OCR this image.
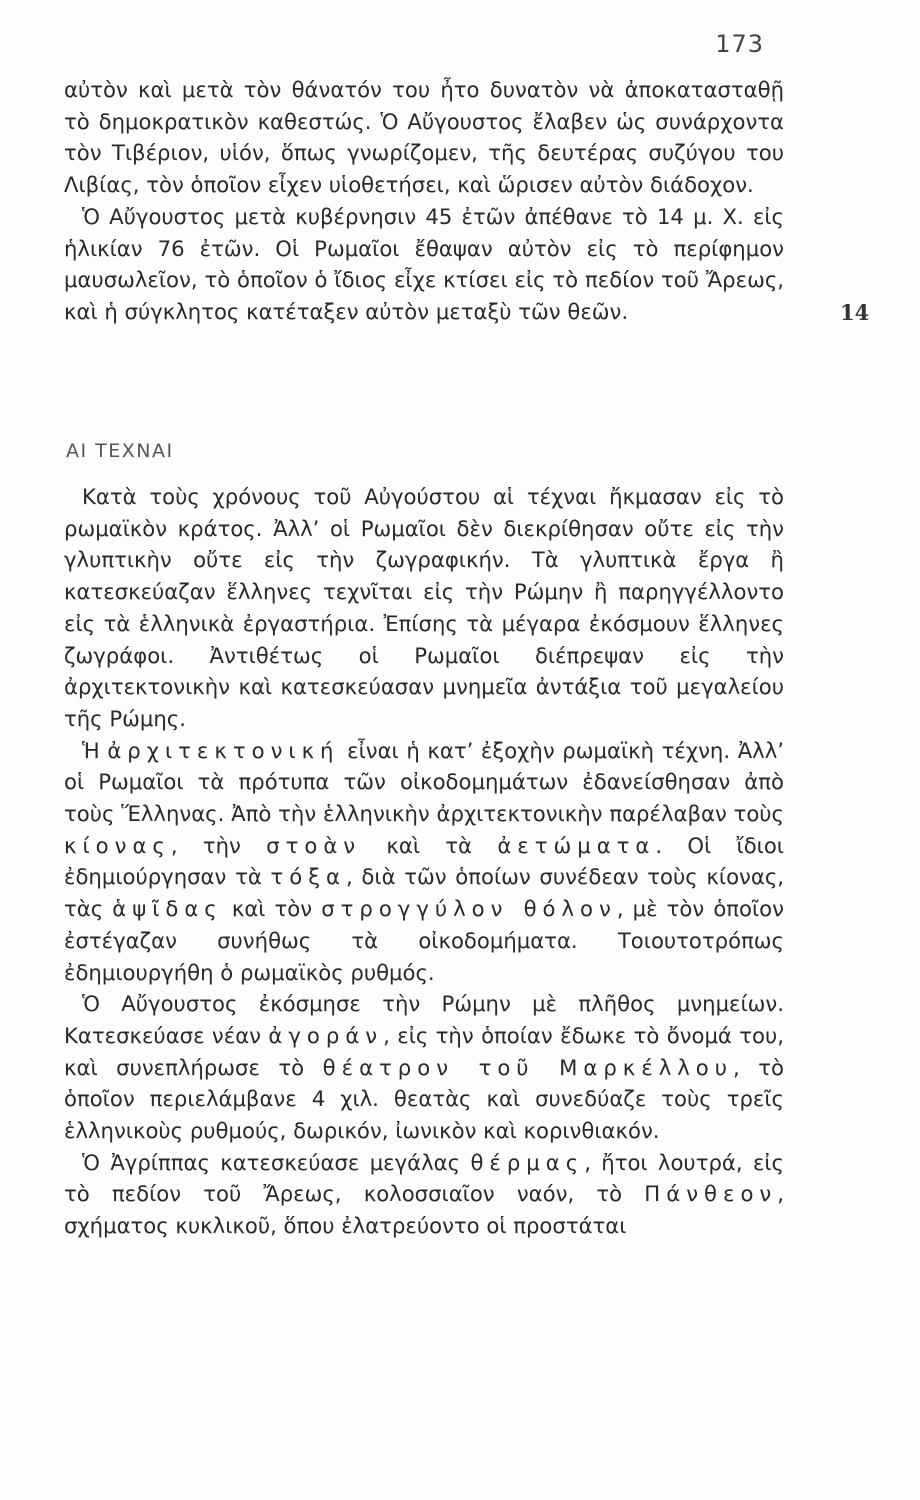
173
14

αὐτὸν καὶ μετὰ τὸν θάνατόν του ἦτο δυνατὸν νὰ ἀποκατασταθῇ τὸ δημοκρατικὸν καθεστώς. Ὁ Αὔγουστος ἔλαβεν ὡς συνάρχοντα τὸν Τιβέριον, υἱόν, ὅπως γνωρίζομεν, τῆς δευτέρας συζύγου του Λιβίας, τὸν ὁποῖον εἶχεν υἱοθετήσει, καὶ ὥρισεν αὐτὸν διάδοχον.

Ὁ Αὔγουστος μετὰ κυβέρνησιν 45 ἐτῶν ἀπέθανε τὸ 14 μ. Χ. εἰς ἡλικίαν 76 ἐτῶν. Οἱ Ρωμαῖοι ἔθαψαν αὐτὸν εἰς τὸ περίφημον μαυσωλεῖον, τὸ ὁποῖον ὁ ἴδιος εἶχε κτίσει εἰς τὸ πεδίον τοῦ Ἄρεως, καὶ ἡ σύγκλητος κατέταξεν αὐτὸν μεταξὺ τῶν θεῶν.

ΑΙ ΤΕΧΝΑΙ

Κατὰ τοὺς χρόνους τοῦ Αὐγούστου αἱ τέχναι ἤκμασαν εἰς τὸ ρωμαϊκὸν κράτος. Ἀλλ’ οἱ Ρωμαῖοι δὲν διεκρίθησαν οὔτε εἰς τὴν γλυπτικὴν οὔτε εἰς τὴν ζωγραφικήν. Τὰ γλυπτικὰ ἔργα ἢ κατεσκεύαζαν ἕλληνες τεχνῖται εἰς τὴν Ρώμην ἢ παρηγγέλλοντο εἰς τὰ ἑλληνικὰ ἐργαστήρια. Ἐπίσης τὰ μέγαρα ἐκόσμουν ἕλληνες ζωγράφοι. Ἀντιθέτως οἱ Ρωμαῖοι διέπρεψαν εἰς τὴν ἀρχιτεκτονικὴν καὶ κατεσκεύασαν μνημεῖα ἀντάξια τοῦ μεγαλείου τῆς Ρώμης.

Ἡ ἀρχιτεκτονική εἶναι ἡ κατ’ ἐξοχὴν ρωμαϊκὴ τέχνη. Ἀλλ’ οἱ Ρωμαῖοι τὰ πρότυπα τῶν οἰκοδομημάτων ἐδανείσθησαν ἀπὸ τοὺς Ἕλληνας. Ἀπὸ τὴν ἑλληνικὴν ἀρχιτεκτονικὴν παρέλαβαν τοὺς κίονας, τὴν στοὰν καὶ τὰ ἀετώματα. Οἱ ἴδιοι ἐδημιούργησαν τὰ τόξα, διὰ τῶν ὁποίων συνέδεαν τοὺς κίονας, τὰς ἁψῖδας καὶ τὸν στρογγύλον θόλον, μὲ τὸν ὁποῖον ἐστέγαζαν συνήθως τὰ οἰκοδομήματα. Τοιουτοτρόπως ἐδημιουργήθη ὁ ρωμαϊκὸς ρυθμός.

Ὁ Αὔγουστος ἐκόσμησε τὴν Ρώμην μὲ πλῆθος μνημείων. Κατεσκεύασε νέαν ἀγοράν, εἰς τὴν ὁποίαν ἔδωκε τὸ ὄνομά του, καὶ συνεπλήρωσε τὸ θέατρον τοῦ Μαρκέλλου, τὸ ὁποῖον περιελάμβανε 4 χιλ. θεατὰς καὶ συνεδύαζε τοὺς τρεῖς ἑλληνικοὺς ρυθμούς, δωρικόν, ἰωνικὸν καὶ κορινθιακόν.

Ὁ Ἀγρίππας κατεσκεύασε μεγάλας θέρμας, ἤτοι λουτρά, εἰς τὸ πεδίον τοῦ Ἄρεως, κολοσσιαῖον ναόν, τὸ Πάνθεον, σχήματος κυκλικοῦ, ὅπου ἐλατρεύοντο οἱ προστάται
